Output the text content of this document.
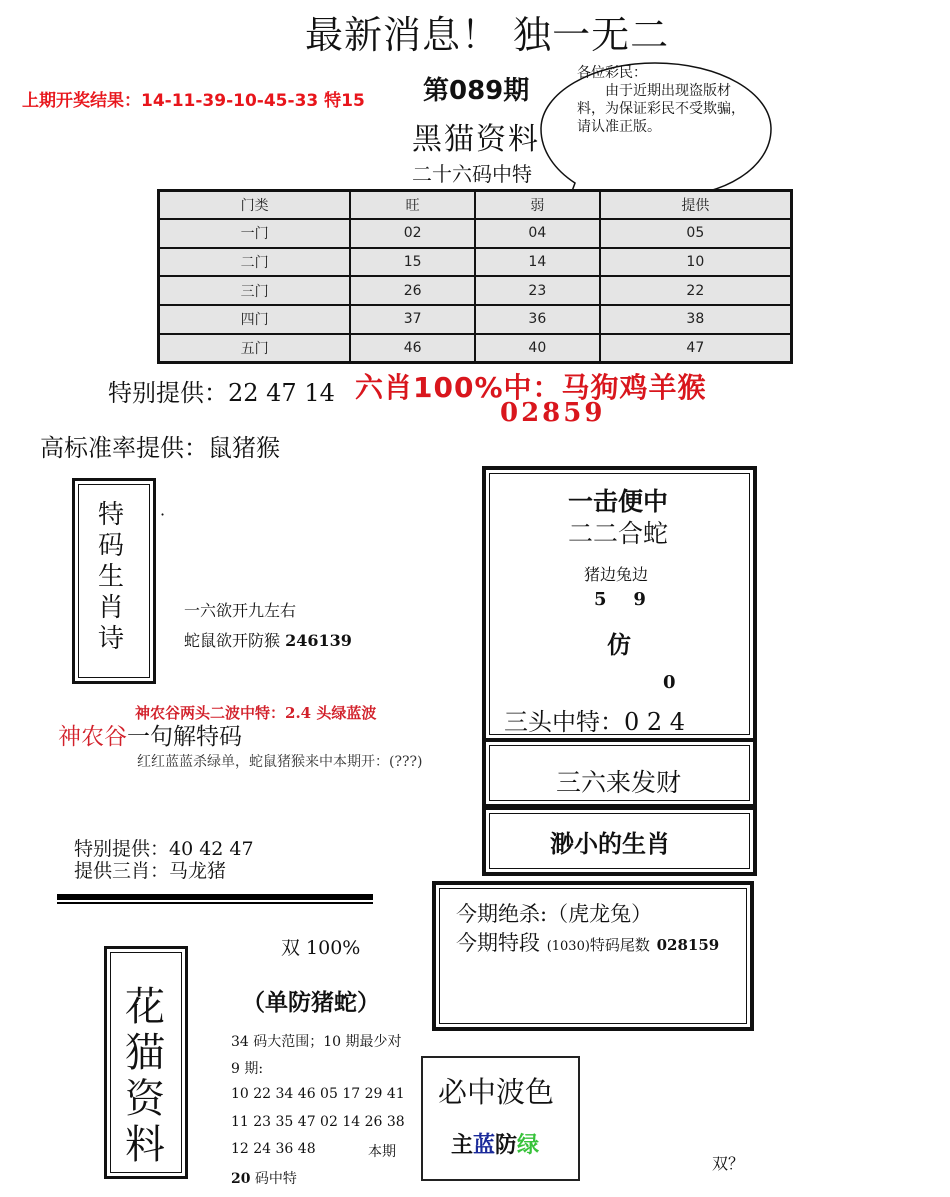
最新消息！ 独一无二
上期开奖结果：14-11-39-10-45-33 特15 第089期
黑猫资料
二十六码中特
各位彩民：
由于近期出现盗版材料，为保证彩民不受欺骗，请认准正版。
门类	旺	弱	提供
一门	02	04	05
二门	15	14	10
三门	26	23	22
四门	37	36	38
五门	46	40	47
特别提供：22 47 14 六肖100%中：马狗鸡羊猴
02859
高标准率提供：鼠猪猴
特码生肖诗
·
一六欲开九左右
蛇鼠欲开防猴 246139
神农谷两头二波中特：2.4 头绿蓝波
神农谷一句解特码
红红蓝蓝杀绿单，蛇鼠猪猴来中本期开：(???)
特别提供：40 42 47
提供三肖：马龙猪
一击便中
二二合蛇
猪边兔边
5   9
仿
0
三头中特：0 2 4
三六来发财
渺小的生肖
今期绝杀:（虎龙兔）
今期特段 (1030)特码尾数 028159
花猫资料
双 100%
（单防猪蛇）
34 码大范围；10 期最少对
9 期:
10 22 34 46 05 17 29 41
11 23 35 47 02 14 26 38
12 24 36 48	本期
20 码中特
必中波色
主蓝防绿
双？
